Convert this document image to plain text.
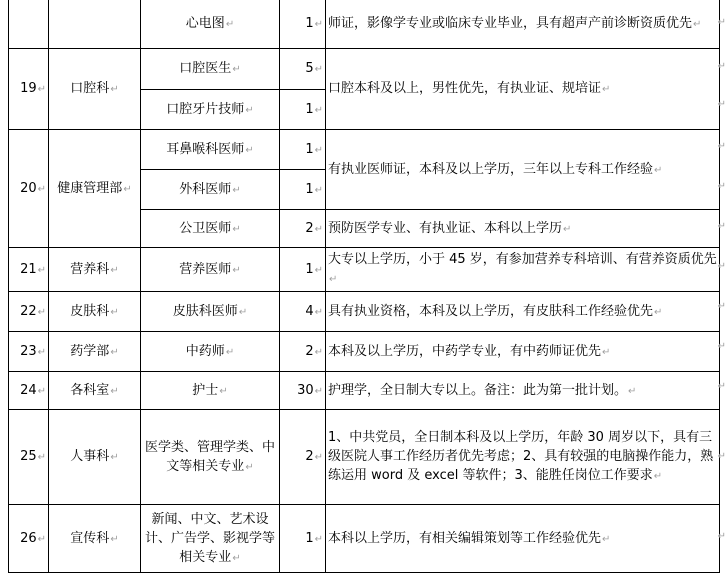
		心电图↵	1↵	师证，影像学专业或临床专业毕业，具有超声产前诊断资质优先↵
19↵	口腔科↵	口腔医生↵	5↵	口腔本科及以上，男性优先，有执业证、规培证↵
		口腔牙片技师↵	1↵	
20↵	健康管理部↵	耳鼻喉科医师↵	1↵	有执业医师证，本科及以上学历，三年以上专科工作经验↵
		外科医师↵	1↵	
		公卫医师↵	2↵	预防医学专业、有执业证、本科以上学历↵
21↵	营养科↵	营养医师↵	1↵	大专以上学历，小于 45 岁，有参加营养专科培训、有营养资质优先↵
22↵	皮肤科↵	皮肤科医师↵	4↵	具有执业资格，本科及以上学历，有皮肤科工作经验优先↵
23↵	药学部↵	中药师↵	2↵	本科及以上学历，中药学专业，有中药师证优先↵
24↵	各科室↵	护士↵	30↵	护理学，全日制大专以上。备注：此为第一批计划。↵
25↵	人事科↵	医学类、管理学类、中文等相关专业↵	2↵	1、中共党员，全日制本科及以上学历，年龄 30 周岁以下，具有三级医院人事工作经历者优先考虑；2、具有较强的电脑操作能力，熟练运用 word 及 excel 等软件；3、能胜任岗位工作要求↵
26↵	宣传科↵	新闻、中文、艺术设计、广告学、影视学等相关专业↵	1↵	本科以上学历，有相关编辑策划等工作经验优先↵
↵
↵
↵
↵
↵
↵
↵
↵
↵
↵
↵
↵
